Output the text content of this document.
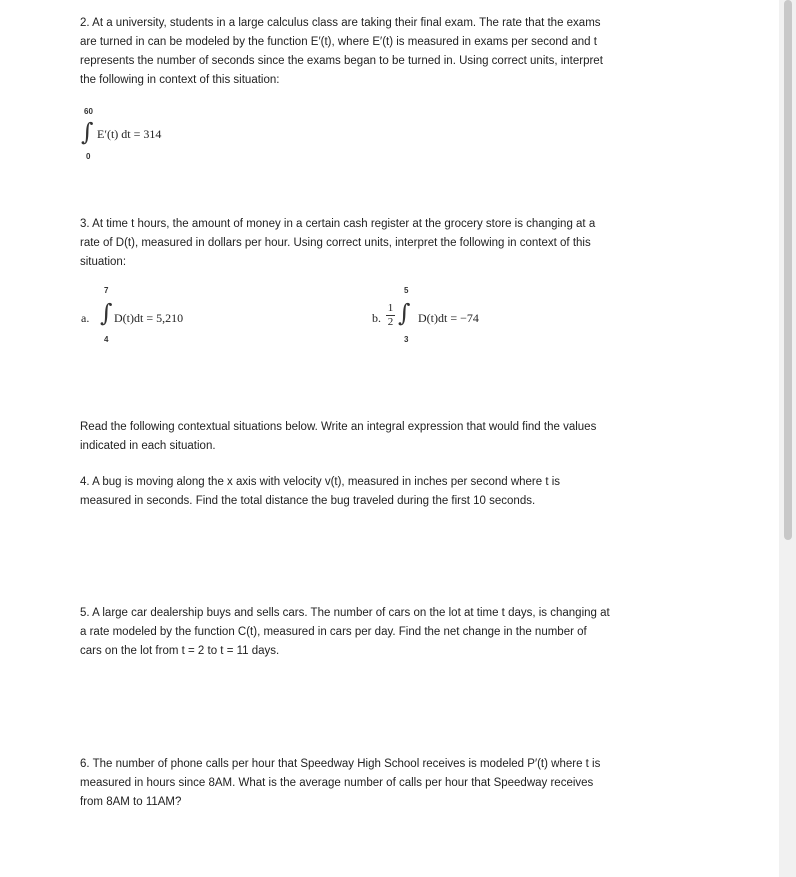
2. At a university, students in a large calculus class are taking their final exam. The rate that the exams
are turned in can be modeled by the function E′(t), where E′(t) is measured in exams per second and t
represents the number of seconds since the exams began to be turned in. Using correct units, interpret
the following in context of this situation:
60
∫
0
E′(t) dt = 314
3. At time t hours, the amount of money in a certain cash register at the grocery store is changing at a
rate of D(t), measured in dollars per hour. Using correct units, interpret the following in context of this
situation:
a.
7
∫
4
D(t)dt = 5,210	b.
1
2
5
∫
3
D(t)dt = −74
Read the following contextual situations below. Write an integral expression that would find the values
indicated in each situation.
4. A bug is moving along the x axis with velocity v(t), measured in inches per second where t is
measured in seconds. Find the total distance the bug traveled during the first 10 seconds.
5. A large car dealership buys and sells cars. The number of cars on the lot at time t days, is changing at
a rate modeled by the function C(t), measured in cars per day. Find the net change in the number of
cars on the lot from t = 2 to t = 11 days.
6. The number of phone calls per hour that Speedway High School receives is modeled P′(t) where t is
measured in hours since 8AM. What is the average number of calls per hour that Speedway receives
from 8AM to 11AM?
